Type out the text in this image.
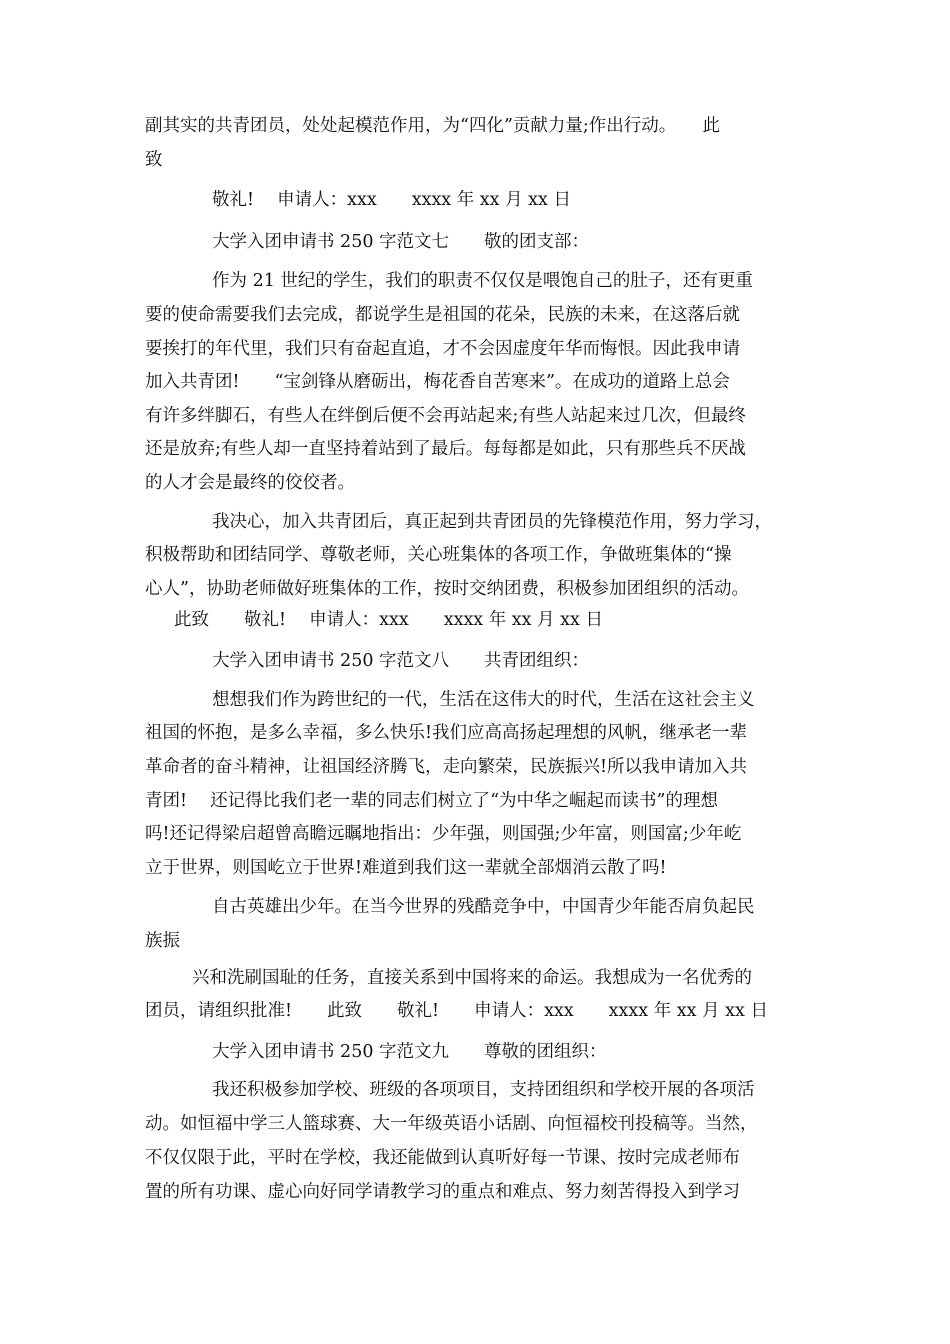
副其实的共青团员，处处起模范作用，为“四化”贡献力量;作出行动。　　此
致
敬礼!　 申请人：xxx　　xxxx 年 xx 月 xx 日
大学入团申请书 250 字范文七　　敬的团支部：
作为 21 世纪的学生，我们的职责不仅仅是喂饱自己的肚子，还有更重
要的使命需要我们去完成，都说学生是祖国的花朵，民族的未来，在这落后就
要挨打的年代里，我们只有奋起直追，才不会因虚度年华而悔恨。因此我申请
加入共青团!　　“宝剑锋从磨砺出，梅花香自苦寒来”。在成功的道路上总会
有许多绊脚石，有些人在绊倒后便不会再站起来;有些人站起来过几次，但最终
还是放弃;有些人却一直坚持着站到了最后。每每都是如此，只有那些兵不厌战
的人才会是最终的佼佼者。
我决心，加入共青团后，真正起到共青团员的先锋模范作用，努力学习，
积极帮助和团结同学、尊敬老师，关心班集体的各项工作，争做班集体的“操
心人”，协助老师做好班集体的工作，按时交纳团费，积极参加团组织的活动。
此致　　敬礼!　 申请人：xxx　　xxxx 年 xx 月 xx 日
大学入团申请书 250 字范文八　　共青团组织：
想想我们作为跨世纪的一代，生活在这伟大的时代，生活在这社会主义
祖国的怀抱，是多么幸福，多么快乐!我们应高高扬起理想的风帆，继承老一辈
革命者的奋斗精神，让祖国经济腾飞，走向繁荣，民族振兴!所以我申请加入共
青团!　 还记得比我们老一辈的同志们树立了“为中华之崛起而读书”的理想
吗!还记得梁启超曾高瞻远瞩地指出：少年强，则国强;少年富，则国富;少年屹
立于世界，则国屹立于世界!难道到我们这一辈就全部烟消云散了吗!
自古英雄出少年。在当今世界的残酷竞争中，中国青少年能否肩负起民
族振
兴和洗刷国耻的任务，直接关系到中国将来的命运。我想成为一名优秀的
团员，请组织批准!　　此致　　敬礼!　　申请人：xxx　　xxxx 年 xx 月 xx 日
大学入团申请书 250 字范文九　　尊敬的团组织：
我还积极参加学校、班级的各项项目，支持团组织和学校开展的各项活
动。如恒福中学三人篮球赛、大一年级英语小话剧、向恒福校刊投稿等。当然，
不仅仅限于此，平时在学校，我还能做到认真听好每一节课、按时完成老师布
置的所有功课、虚心向好同学请教学习的重点和难点、努力刻苦得投入到学习
